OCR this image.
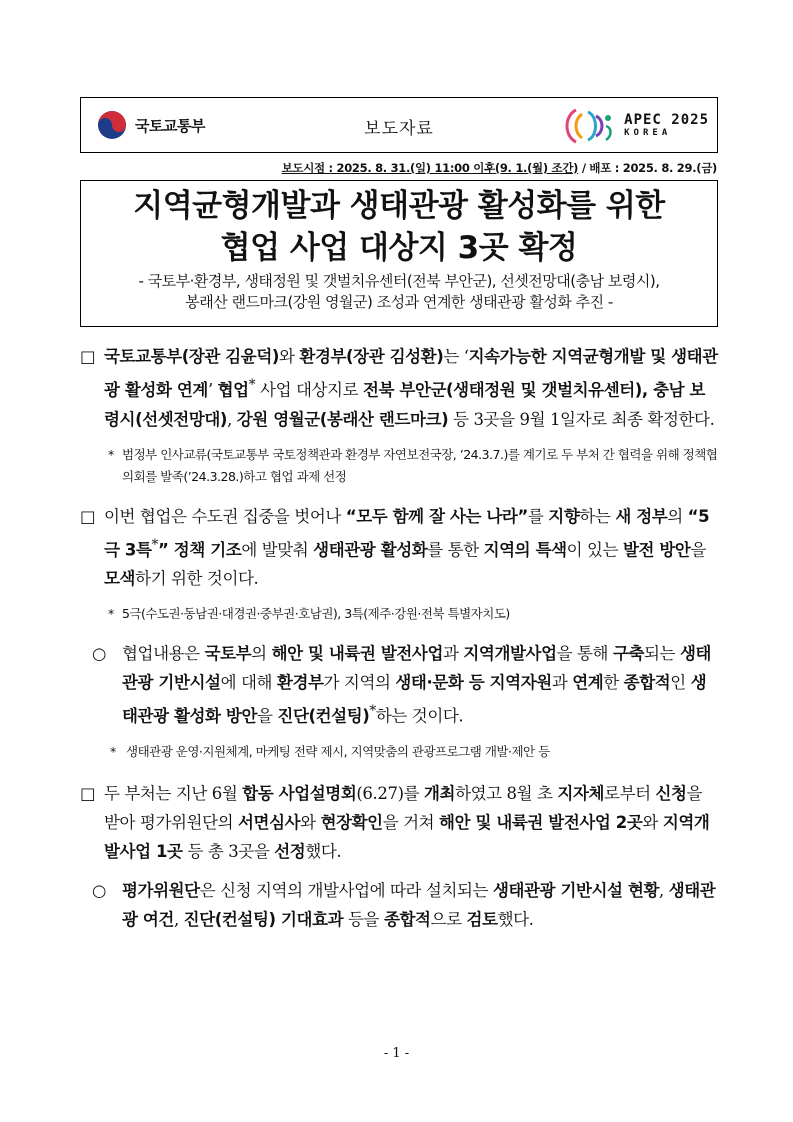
국토교통부	보도자료	APEC 2025
KOREA
보도시점 : 2025. 8. 31.(일) 11:00 이후(9. 1.(월) 조간) / 배포 : 2025. 8. 29.(금)
지역균형개발과 생태관광 활성화를 위한
협업 사업 대상지 3곳 확정
- 국토부·환경부, 생태정원 및 갯벌치유센터(전북 부안군), 선셋전망대(충남 보령시),
봉래산 랜드마크(강원 영월군) 조성과 연계한 생태관광 활성화 추진 -
□ 국토교통부(장관 김윤덕)와 환경부(장관 김성환)는 ‘지속가능한 지역균형개발 및 생태관광 활성화 연계’ 협업* 사업 대상지로 전북 부안군(생태정원 및 갯벌치유센터), 충남 보령시(선셋전망대), 강원 영월군(봉래산 랜드마크) 등 3곳을 9월 1일자로 최종 확정한다.
* 범정부 인사교류(국토교통부 국토정책관과 환경부 자연보전국장, ’24.3.7.)를 계기로 두 부처 간 협력을 위해 정책협의회를 발족(’24.3.28.)하고 협업 과제 선정
□ 이번 협업은 수도권 집중을 벗어나 “모두 함께 잘 사는 나라”를 지향하는 새 정부의 “5극 3특*” 정책 기조에 발맞춰 생태관광 활성화를 통한 지역의 특색이 있는 발전 방안을 모색하기 위한 것이다.
* 5극(수도권·동남권·대경권·중부권·호남권), 3특(제주·강원·전북 특별자치도)
○ 협업내용은 국토부의 해안 및 내륙권 발전사업과 지역개발사업을 통해 구축되는 생태관광 기반시설에 대해 환경부가 지역의 생태·문화 등 지역자원과 연계한 종합적인 생태관광 활성화 방안을 진단(컨설팅)*하는 것이다.
* 생태관광 운영·지원체계, 마케팅 전략 제시, 지역맞춤의 관광프로그램 개발·제안 등
□ 두 부처는 지난 6월 합동 사업설명회(6.27)를 개최하였고 8월 초 지자체로부터 신청을 받아 평가위원단의 서면심사와 현장확인을 거쳐 해안 및 내륙권 발전사업 2곳와 지역개발사업 1곳 등 총 3곳을 선정했다.
○ 평가위원단은 신청 지역의 개발사업에 따라 설치되는 생태관광 기반시설 현황, 생태관광 여건, 진단(컨설팅) 기대효과 등을 종합적으로 검토했다.
- 1 -
